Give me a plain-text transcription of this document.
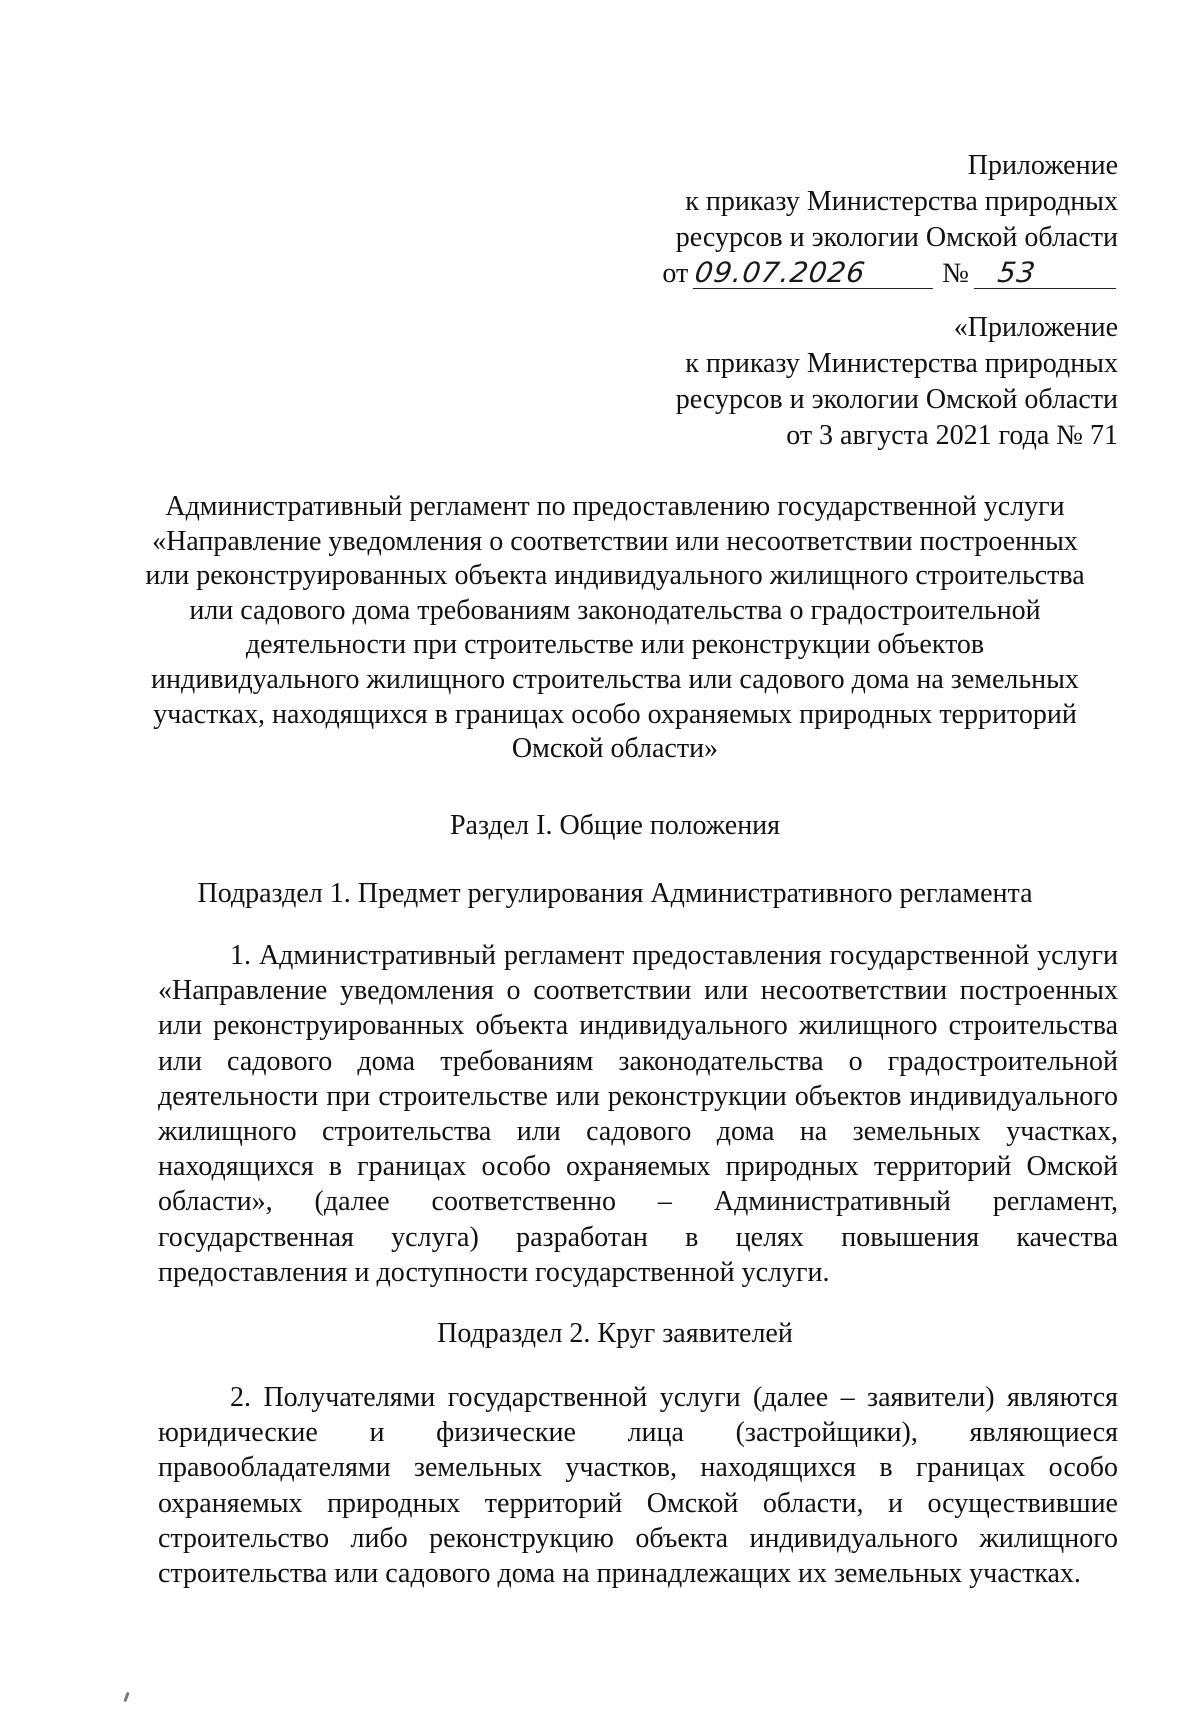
Приложение
к приказу Министерства природных
ресурсов и экологии Омской области
от 09.07.2026	№ 53
«Приложение
к приказу Министерства природных
ресурсов и экологии Омской области
от 3 августа 2021 года № 71
Административный регламент по предоставлению государственной услуги «Направление уведомления о соответствии или несоответствии построенных или реконструированных объекта индивидуального жилищного строительства или садового дома требованиям законодательства о градостроительной деятельности при строительстве или реконструкции объектов индивидуального жилищного строительства или садового дома на земельных участках, находящихся в границах особо охраняемых природных территорий Омской области»
Раздел I. Общие положения
Подраздел 1. Предмет регулирования Административного регламента
1. Административный регламент предоставления государственной услуги «Направление уведомления о соответствии или несоответствии построенных или реконструированных объекта индивидуального жилищного строительства или садового дома требованиям законодательства о градостроительной деятельности при строительстве или реконструкции объектов индивидуального жилищного строительства или садового дома на земельных участках, находящихся в границах особо охраняемых природных территорий Омской области», (далее соответственно – Административный регламент, государственная услуга) разработан в целях повышения качества предоставления и доступности государственной услуги.
Подраздел 2. Круг заявителей
2. Получателями государственной услуги (далее – заявители) являются юридические и физические лица (застройщики), являющиеся правообладателями земельных участков, находящихся в границах особо охраняемых природных территорий Омской области, и осуществившие строительство либо реконструкцию объекта индивидуального жилищного строительства или садового дома на принадлежащих их земельных участках.
